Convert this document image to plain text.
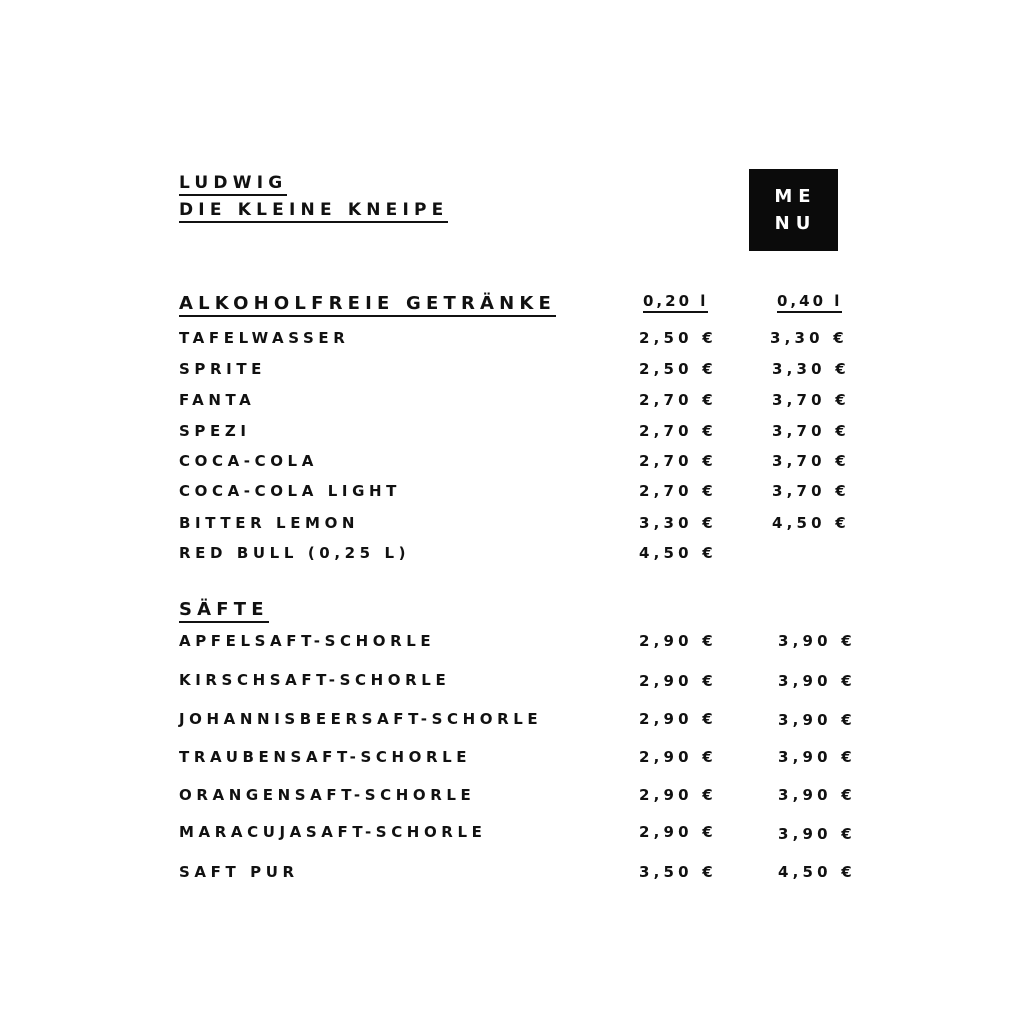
LUDWIG
DIE KLEINE KNEIPE
ME
NU
ALKOHOLFREIE GETRÄNKE	0,20 l	0,40 l
TAFELWASSER	2,50 €	3,30 €
SPRITE	2,50 €	3,30 €
FANTA	2,70 €	3,70 €
SPEZI	2,70 €	3,70 €
COCA-COLA	2,70 €	3,70 €
COCA-COLA LIGHT	2,70 €	3,70 €
BITTER LEMON	3,30 €	4,50 €
RED BULL (0,25 L)	4,50 €
SÄFTE
APFELSAFT-SCHORLE	2,90 €	3,90 €
KIRSCHSAFT-SCHORLE	2,90 €	3,90 €
JOHANNISBEERSAFT-SCHORLE	2,90 €	3,90 €
TRAUBENSAFT-SCHORLE	2,90 €	3,90 €
ORANGENSAFT-SCHORLE	2,90 €	3,90 €
MARACUJASAFT-SCHORLE	2,90 €	3,90 €
SAFT PUR	3,50 €	4,50 €
